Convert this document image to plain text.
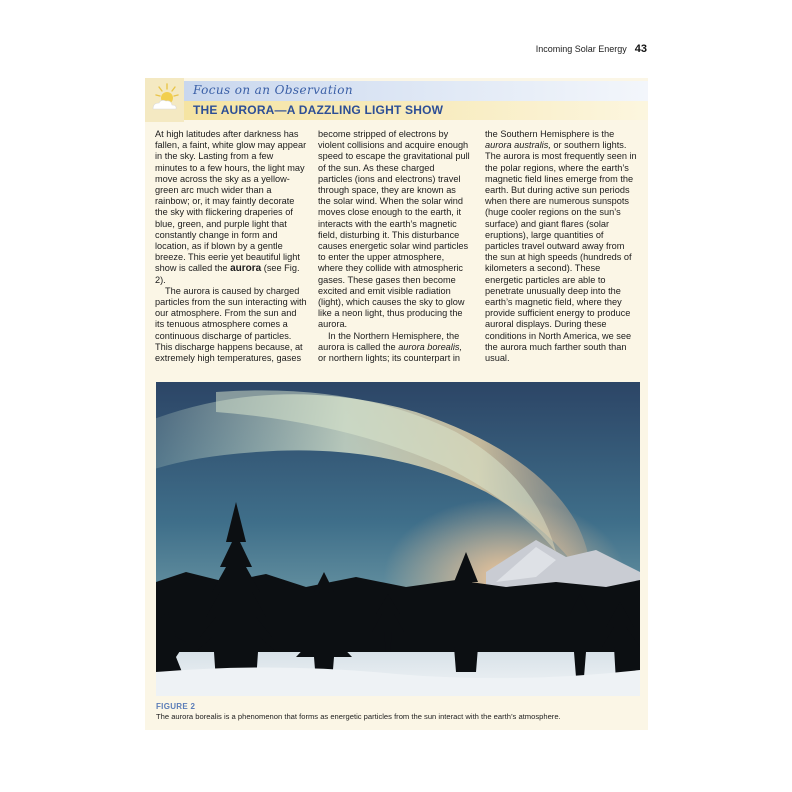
Incoming Solar Energy 43
Focus on an Observation
THE AURORA—A DAZZLING LIGHT SHOW

At high latitudes after darkness has fallen, a faint, white glow may appear in the sky. Lasting from a few minutes to a few hours, the light may move across the sky as a yellow-green arc much wider than a rainbow; or, it may faintly decorate the sky with flickering draperies of blue, green, and purple light that constantly change in form and location, as if blown by a gentle breeze. This eerie yet beautiful light show is called the aurora (see Fig. 2).

The aurora is caused by charged particles from the sun interacting with our atmosphere. From the sun and its tenuous atmosphere comes a continuous discharge of particles. This discharge happens because, at extremely high temperatures, gases

become stripped of electrons by violent collisions and acquire enough speed to escape the gravitational pull of the sun. As these charged particles (ions and electrons) travel through space, they are known as the solar wind. When the solar wind moves close enough to the earth, it interacts with the earth’s magnetic field, disturbing it. This disturbance causes energetic solar wind particles to enter the upper atmosphere, where they collide with atmospheric gases. These gases then become excited and emit visible radiation (light), which causes the sky to glow like a neon light, thus producing the aurora.

In the Northern Hemisphere, the aurora is called the aurora borealis, or northern lights; its counterpart in

the Southern Hemisphere is the aurora australis, or southern lights. The aurora is most frequently seen in the polar regions, where the earth’s magnetic field lines emerge from the earth. But during active sun periods when there are numerous sunspots (huge cooler regions on the sun’s surface) and giant flares (solar eruptions), large quantities of particles travel outward away from the sun at high speeds (hundreds of kilometers a second). These energetic particles are able to penetrate unusually deep into the earth’s magnetic field, where they provide sufficient energy to produce auroral displays. During these conditions in North America, we see the aurora much farther south than usual.

FIGURE 2
The aurora borealis is a phenomenon that forms as energetic particles from the sun interact with the earth’s atmosphere.
